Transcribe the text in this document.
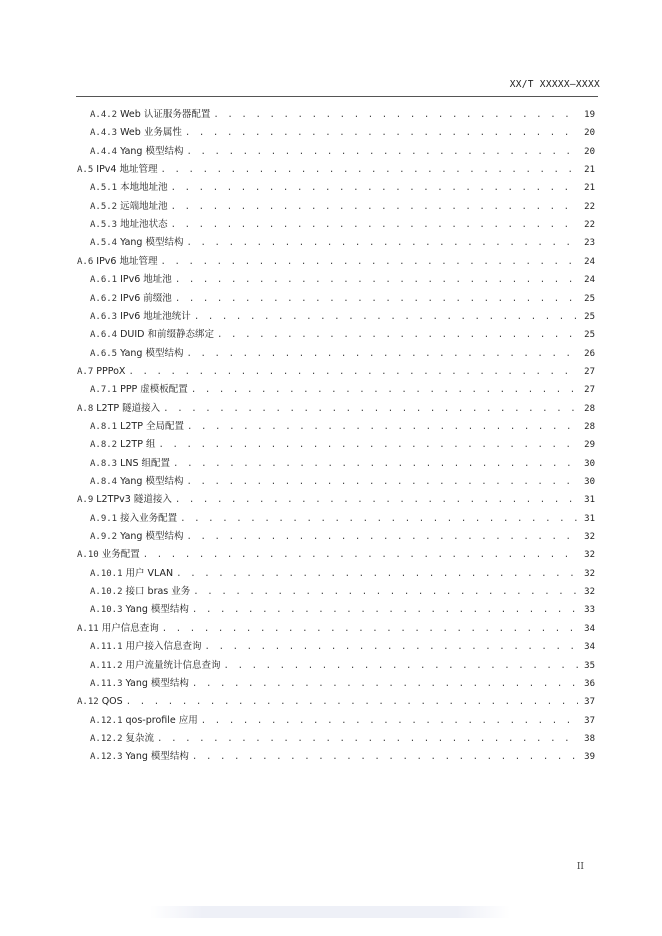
XX/T XXXXX—XXXX
A.4.2 Web 认证服务器配置 . . .	19
A.4.3 Web 业务属性 . . .	20
A.4.4 Yang 模型结构 . . .	20
A.5 IPv4 地址管理 . . .	21
A.5.1 本地地址池 . . .	21
A.5.2 远端地址池 . . .	22
A.5.3 地址池状态 . . .	22
A.5.4 Yang 模型结构 . . .	23
A.6 IPv6 地址管理 . . .	24
A.6.1 IPv6 地址池 . . .	24
A.6.2 IPv6 前缀池 . . .	25
A.6.3 IPv6 地址池统计 . . .	25
A.6.4 DUID 和前缀静态绑定 . . .	25
A.6.5 Yang 模型结构 . . .	26
A.7 PPPoX . . .	27
A.7.1 PPP 虚模板配置 . . .	27
A.8 L2TP 隧道接入 . . .	28
A.8.1 L2TP 全局配置 . . .	28
A.8.2 L2TP 组 . . .	29
A.8.3 LNS 组配置 . . .	30
A.8.4 Yang 模型结构 . . .	30
A.9 L2TPv3 隧道接入 . . .	31
A.9.1 接入业务配置 . . .	31
A.9.2 Yang 模型结构 . . .	32
A.10 业务配置 . . .	32
A.10.1 用户 VLAN . . .	32
A.10.2 接口 bras 业务 . . .	32
A.10.3 Yang 模型结构 . . .	33
A.11 用户信息查询 . . .	34
A.11.1 用户接入信息查询 . . .	34
A.11.2 用户流量统计信息查询 . . .	35
A.11.3 Yang 模型结构 . . .	36
A.12 QOS . . .	37
A.12.1 qos-profile 应用 . . .	37
A.12.2 复杂流 . . .	38
A.12.3 Yang 模型结构 . . .	39
II
